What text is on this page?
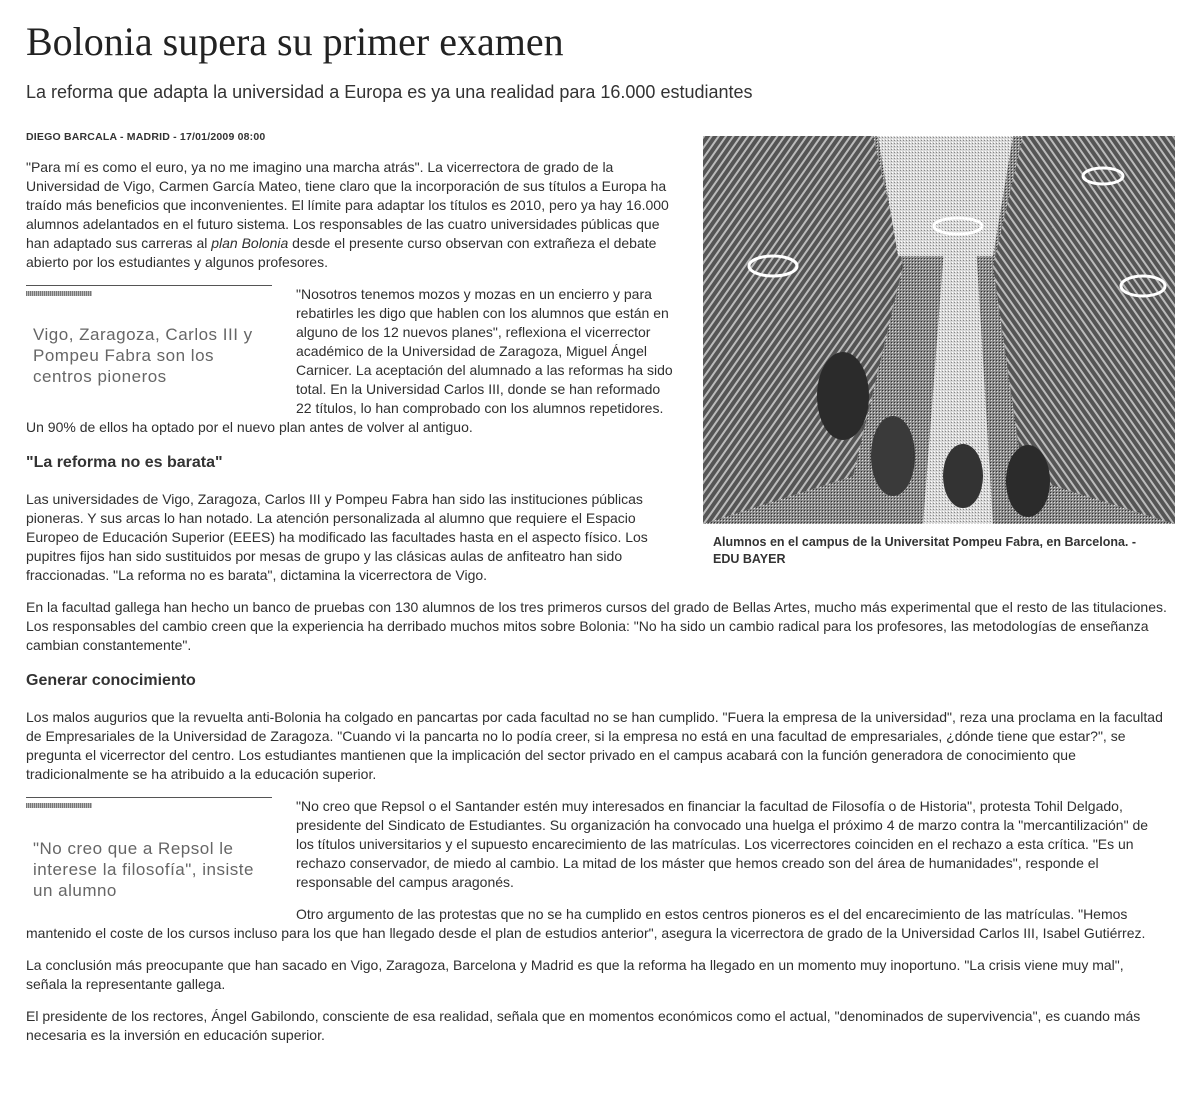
Bolonia supera su primer examen
La reforma que adapta la universidad a Europa es ya una realidad para 16.000 estudiantes
DIEGO BARCALA - MADRID - 17/01/2009 08:00
Alumnos en el campus de la Universitat Pompeu Fabra, en Barcelona. - EDU BAYER

"Para mí es como el euro, ya no me imagino una marcha atrás". La vicerrectora de grado de la Universidad de Vigo, Carmen García Mateo, tiene claro que la incorporación de sus títulos a Europa ha traído más beneficios que inconvenientes. El límite para adaptar los títulos es 2010, pero ya hay 16.000 alumnos adelantados en el futuro sistema. Los responsables de las cuatro universidades públicas que han adaptado sus carreras al plan Bolonia desde el presente curso observan con extrañeza el debate abierto por los estudiantes y algunos profesores.

Vigo, Zaragoza, Carlos III y Pompeu Fabra son los centros pioneros

"Nosotros tenemos mozos y mozas en un encierro y para rebatirles les digo que hablen con los alumnos que están en alguno de los 12 nuevos planes", reflexiona el vicerrector académico de la Universidad de Zaragoza, Miguel Ángel Carnicer. La aceptación del alumnado a las reformas ha sido total. En la Universidad Carlos III, donde se han reformado 22 títulos, lo han comprobado con los alumnos repetidores. Un 90% de ellos ha optado por el nuevo plan antes de volver al antiguo.

"La reforma no es barata"

Las universidades de Vigo, Zaragoza, Carlos III y Pompeu Fabra han sido las instituciones públicas pioneras. Y sus arcas lo han notado. La atención personalizada al alumno que requiere el Espacio Europeo de Educación Superior (EEES) ha modificado las facultades hasta en el aspecto físico. Los pupitres fijos han sido sustituidos por mesas de grupo y las clásicas aulas de anfiteatro han sido fraccionadas. "La reforma no es barata", dictamina la vicerrectora de Vigo.

En la facultad gallega han hecho un banco de pruebas con 130 alumnos de los tres primeros cursos del grado de Bellas Artes, mucho más experimental que el resto de las titulaciones. Los responsables del cambio creen que la experiencia ha derribado muchos mitos sobre Bolonia: "No ha sido un cambio radical para los profesores, las metodologías de enseñanza cambian constantemente".

Generar conocimiento

Los malos augurios que la revuelta anti-Bolonia ha colgado en pancartas por cada facultad no se han cumplido. "Fuera la empresa de la universidad", reza una proclama en la facultad de Empresariales de la Universidad de Zaragoza. "Cuando vi la pancarta no lo podía creer, si la empresa no está en una facultad de empresariales, ¿dónde tiene que estar?", se pregunta el vicerrector del centro. Los estudiantes mantienen que la implicación del sector privado en el campus acabará con la función generadora de conocimiento que tradicionalmente se ha atribuido a la educación superior.

"No creo que a Repsol le interese la filosofía", insiste un alumno

"No creo que Repsol o el Santander estén muy interesados en financiar la facultad de Filosofía o de Historia", protesta Tohil Delgado, presidente del Sindicato de Estudiantes. Su organización ha convocado una huelga el próximo 4 de marzo contra la "mercantilización" de los títulos universitarios y el supuesto encarecimiento de las matrículas. Los vicerrectores coinciden en el rechazo a esta crítica. "Es un rechazo conservador, de miedo al cambio. La mitad de los máster que hemos creado son del área de humanidades", responde el responsable del campus aragonés.

Otro argumento de las protestas que no se ha cumplido en estos centros pioneros es el del encarecimiento de las matrículas. "Hemos mantenido el coste de los cursos incluso para los que han llegado desde el plan de estudios anterior", asegura la vicerrectora de grado de la Universidad Carlos III, Isabel Gutiérrez.

La conclusión más preocupante que han sacado en Vigo, Zaragoza, Barcelona y Madrid es que la reforma ha llegado en un momento muy inoportuno. "La crisis viene muy mal", señala la representante gallega.

El presidente de los rectores, Ángel Gabilondo, consciente de esa realidad, señala que en momentos económicos como el actual, "denominados de supervivencia", es cuando más necesaria es la inversión en educación superior.
